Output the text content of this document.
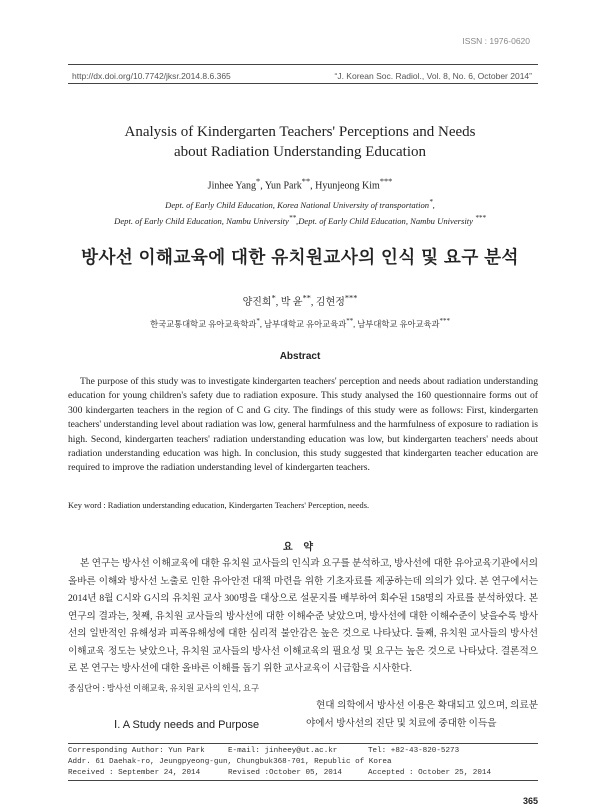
ISSN : 1976-0620
http://dx.doi.org/10.7742/jksr.2014.8.6.365	“J. Korean Soc. Radiol., Vol. 8, No. 6, October 2014”
Analysis of Kindergarten Teachers' Perceptions and Needs
about Radiation Understanding Education
Jinhee Yang*, Yun Park**, Hyunjeong Kim***
Dept. of Early Child Education, Korea National University of transportation*,
Dept. of Early Child Education, Nambu University**,Dept. of Early Child Education, Nambu University ***
방사선 이해교육에 대한 유치원교사의 인식 및 요구 분석
양진희*, 박 윤**, 김현정***
한국교통대학교 유아교육학과*, 남부대학교 유아교육과**, 남부대학교 유아교육과***
Abstract
The purpose of this study was to investigate kindergarten teachers' perception and needs about radiation understanding education for young children's safety due to radiation exposure. This study analysed the 160 questionnaire forms out of 300 kindergarten teachers in the region of C and G city. The findings of this study were as follows: First, kindergarten teachers' understanding level about radiation was low, general harmfulness and the harmfulness of exposure to radiation is high. Second, kindergarten teachers' radiation understanding education was low, but kindergarten teachers' needs about radiation understanding education was high. In conclusion, this study suggested that kindergarten teacher education are required to improve the radiation understanding level of kindergarten teachers.
Key word : Radiation understanding education, Kindergarten Teachers' Perception, needs.
요 약
본 연구는 방사선 이해교육에 대한 유치원 교사들의 인식과 요구를 분석하고, 방사선에 대한 유아교육기관에서의 올바른 이해와 방사선 노출로 인한 유아안전 대책 마련을 위한 기초자료를 제공하는데 의의가 있다. 본 연구에서는 2014년 8월 C시와 G시의 유치원 교사 300명을 대상으로 설문지를 배부하여 회수된 158명의 자료를 분석하였다. 본 연구의 결과는, 첫째, 유치원 교사들의 방사선에 대한 이해수준 낮았으며, 방사선에 대한 이해수준이 낮을수록 방사선의 일반적인 유해성과 피폭유해성에 대한 심리적 불안감은 높은 것으로 나타났다. 둘째, 유치원 교사들의 방사선 이해교육 정도는 낮았으나, 유치원 교사들의 방사선 이해교육의 필요성 및 요구는 높은 것으로 나타났다. 결론적으로 본 연구는 방사선에 대한 올바른 이해를 돕기 위한 교사교육이 시급함을 시사한다.
중심단어 : 방사선 이해교육, 유치원 교사의 인식, 요구
Ⅰ. A Study needs and Purpose
현대 의학에서 방사선 이용은 확대되고 있으며, 의료분야에서 방사선의 진단 및 치료에 중대한 이득을
Corresponding Author: Yun Park	E-mail: jinheey@ut.ac.kr	Tel: +82-43-820-5273
Addr. 61 Daehak-ro, Jeungpyeong-gun, Chungbuk368-701, Republic of Korea
Received : September 24, 2014	Revised :October 05, 2014	Accepted : October 25, 2014
365
